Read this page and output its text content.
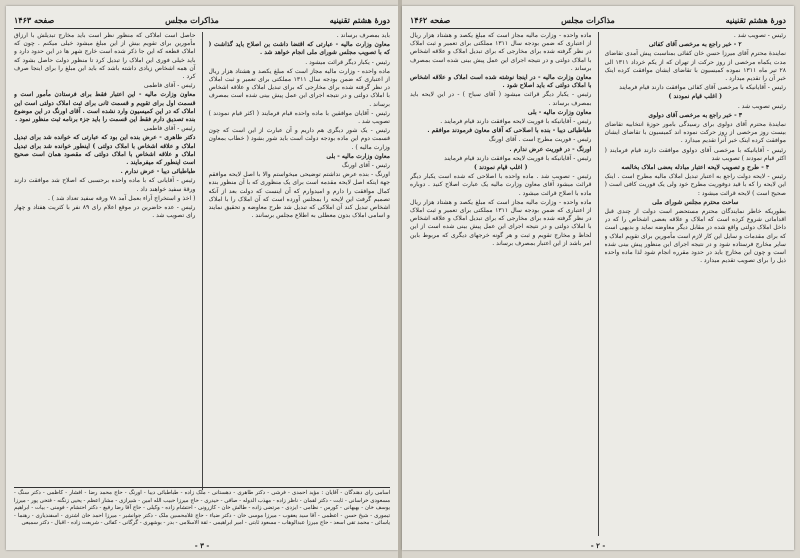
دورهٔ هشتم تقنینیه
مذاکرات مجلس
صفحه ۱۴۶۳

باید بمصرف برساند .

معاون وزارت مالیه - عبارتی که اقتضا داشت بن اصلاح باید گذاشت ( که با تصویب مجلس شورای ملی انجام خواهد شد .

رئیس - یکبار دیگر قرائت میشود .

ماده واحده - وزارت مالیه مجاز است که مبلغ یکصد و هشتاد هزار ریال از اعتباری که ضمن بودجه سال ۱۳۱۱ مملکتی برای تعمیر و ثبت املاک در نظر گرفته شده برای مخارجی که برای تبدیل املاک و علاقه اشخاص با املاک دولتی و در نتیجه اجرای این عمل پیش بینی شده است بمصرف برساند .

رئیس - آقایان موافقین با ماده واحده قیام فرمایند ( اکثر قیام نمودند ) تصویب شد .

رئیس - یک شور دیگری هم داریم و آن عبارت از این است که چون قسمت دوم این ماده بودجه دولت است باید شور بشود ( خطاب بمعاون وزارت مالیه ) .

معاون وزارت مالیه - بلی

رئیس - آقای اورنگ

اورنگ - بنده عرض نداشتم توضیحی میخواستم والا با اصل لایحه موافقم جهة اینکه اصل لایحه مقدمه است برای یک منظوری که با آن منظور بنده کمال موافقت را دارم و امیدوارم که آن اینست که دولت بعد از آنکه تصمیم گرفت این لایحه را بمجلس آورده است که آن املاک را با املاک اشخاص تبدیل کند آن املاکی که تبدیل شد طرح معاوضه و تحقیق نمایند و اسامی املاک بدون معطلی به اطلاع مجلس برسانند .

حاصل است املاکی که منظور نظر است باید مخارج تبدیلش با ارزاق مأمورین برای تقویم بیش از این مبلغ میشود خیلی میکنم . چون که املاک قطعه که این جا ذکر شده است خارج شهر ها در این حدود دارد و باید خیلی فوری این املاک را تبدیل کرد تا منظور دولت حاصل بشود که آن همه اشخاص زیادی داشته باشد که باید این مبلغ را برای اینجا صرف کرد .

رئیس - آقای فاطمی

معاون وزارت مالیه - این اعتبار فقط برای فرستادن مأمور است و قسمت اول برای تقویم و قسمت ثانی برای ثبت املاک دولتی است این املاک که در این کمیسیون وارد نشده است . آقای اورنگ در این موضوع بنده تصدیق دارم فقط این قسمت را باید جزء برنامه ثبت منظور نمود .

رئیس - آقای فاطمی

دکتر طاهری - عرض بنده این بود که عبارتی که خوانده شد برای تبدیل املاک و علاقه اشخاص با املاک دولتی ) اینطور خوانده شد برای تبدیل املاک و علاقه اشخاص با املاک دولتی که مقصود همان است صحیح است اینطور که میفرمایند .

طباطبائی دیبا - عرض ندارم .

رئیس - آقایانی که با ماده واحده برحسبی که اصلاح شد موافقت دارند ورقهٔ سفید خواهند داد .

( اخذ و استخراج آراء بعمل آمد ۷۸ ورقه سفید تعداد شد ) .

رئیس - عده حاضرین در موقع اعلام رای ۸۹ نفر با کثریت هفتاد و چهار رای تصویب شد .

اسامی رای دهندگان - آقایان : مؤید احمدی - فرشی - دکتر طاهری - دهستانی - ملک زاده - طباطبائی دیبا - اورنگ - حاج محمد رضا - افشار - کاظمی - دکتر سنگ - مسعودی خراسانی - ثابت - دکتر لقمان - ناظر زاده - مهذب الدوله - صافی - حیدری - حاج میرزا حبیب الله امین - شیرازی - مشار اعظم - یحیی زنگنه - فتحی پور - میرزا یوسف خان - بهبهانی - کورس - نظامی - ایزدی - مرتضی زاده - طالش خان - کازرونی - احتشام زاده - وکیلی - حاج آقا رضا رفیع - دکتر احتشام - فومنی - بیات - ابراهیم تیموری - شیخ حسن - اعظمی - آقا سید یعقوب - میرزا موسی خان - دکتر ضیاء - حاج غلامحسین ملک - دکتر جوانشیر - میرزا احمد خان اشتری - اسفندیاری - رهنما - یاسائی - محمد تقی اسعد - حاج میرزا عبدالوهاب - مسعود ثابتی - امیر ابراهیمی - ثقة الاسلامی - بدر - بوشهری - گرگانی - کفائی - شریعت زاده - اقبال - دکتر سمیعی
- ۳ -
دورهٔ هشتم تقنینیه
مذاکرات مجلس
صفحه ۱۴۶۲

رئیس - تصویب شد .

۲ - خبر راجع به مرخصی آقای کفائی

نمایندهٔ محترم آقای میرزا حسن خان کفائی بمناسبت پیش آمدی تقاضای مدت یکماه مرخصی از روز حرکت از تهران که از یکم خرداد ۱۳۱۱ الی ۲۸ تیر ماه ۱۳۱۱ نموده کمیسیون با تقاضای ایشان موافقت کرده اینک خبر آن را تقدیم میدارد .

رئیس - آقایانیکه با مرخصی آقای کفائی موافقت دارند قیام فرمایند

( اغلب قیام نمودند )

رئیس تصویب شد .

۳ - خبر راجع به مرخصی آقای دولوی

نمایندهٔ محترم آقای دولوی برای رسیدگی بامور حوزهٔ انتخابیه تقاضای بیست روز مرخصی از روز حرکت نموده اند کمیسیون با تقاضای ایشان موافقت کرده اینک خبر آنرا تقدیم میدارد .

رئیس - آقایانیکه با مرخصی آقای دولوی موافقت دارند قیام فرمایند ( اکثر قیام نمودند ) تصویب شد

۴ - طرح و تصویب لایحه اعتبار مبادله بعضی املاک بخالصه

رئیس - لایحه دولت راجع به اعتبار تبدیل املاک مالیه مطرح است . اینک این لایحه را که با قید دوفوریت مطرح خود ولی یک فوریت کافی است ( صحیح است ) لایحه قرائت میشود :

ساحت محترم مجلس شورای ملی

بطوریکه خاطر نمایندگان محترم مستحضر است دولت از چندی قبل اقداماتی شروع کرده است که املاک و علاقه بعضی اشخاص را که در داخل املاک دولتی واقع شده در مقابل دیگر معاوضه نماید و بدیهی است که برای مقدمات و سایل این کار لازم است مأمورین برای تقویم املاک و سایر مخارج فرستاده شود و در نتیجه اجرای این منظور پیش بینی شده است و چون این مخارج باید در حدود مقرره انجام شود لذا ماده واحده ذیل را برای تصویب تقدیم میدارد .

ماده واحده - وزارت مالیه مجاز است که مبلغ یکصد و هشتاد هزار ریال از اعتباری که ضمن بودجه سال ۱۳۱۱ مملکتی برای تعمیر و ثبت املاک در نظر گرفته شده برای مخارجی که برای تبدیل املاک و علاقه اشخاص با املاک دولتی و در نتیجه اجرای این عمل پیش بینی شده است بمصرف برساند .

معاون وزارت مالیه - در اینجا نوشته شده است املاک و علاقه اشخاص با املاک دولتی که باید اصلاح شود .

رئیس - یکبار دیگر قرائت میشود ( آقای سیاح ) - در این لایحه باید بمصرف برساند .

معاون وزارت مالیه - بلی

رئیس - آقایانیکه با فوریت لایحه موافقت دارند قیام فرمایند .

طباطبائی دیبا - بنده با اصلاحی که آقای معاون فرمودند موافقم .

رئیس - فوریت مطرح است . آقای اورنگ

اورنگ - در فوریت عرض ندارم .

رئیس - آقایانیکه با فوریت لایحه موافقت دارند قیام فرمایند

( اغلب قیام نمودند )

رئیس - تصویب شد . ماده واحده با اصلاحی که شده است یکبار دیگر قرائت میشود آقای معاون وزارت مالیه یک عبارت اصلاح کنید . دوباره ماده با اصلاح قرائت میشود .

ماده واحده - وزارت مالیه مجاز است که مبلغ یکصد و هشتاد هزار ریال از اعتباری که ضمن بودجه سال ۱۳۱۱ مملکتی برای تعمیر و ثبت املاک در نظر گرفته شده برای مخارجی که برای تبدیل املاک و علاقه اشخاص با املاک دولتی و در نتیجه اجرای این عمل پیش بینی شده است از این لحاظ و مخارج تقویم و ثبت و هر گونه خرجهای دیگری که مربوط باین امر باشد از این اعتبار بمصرف برساند .

- ۲ -
